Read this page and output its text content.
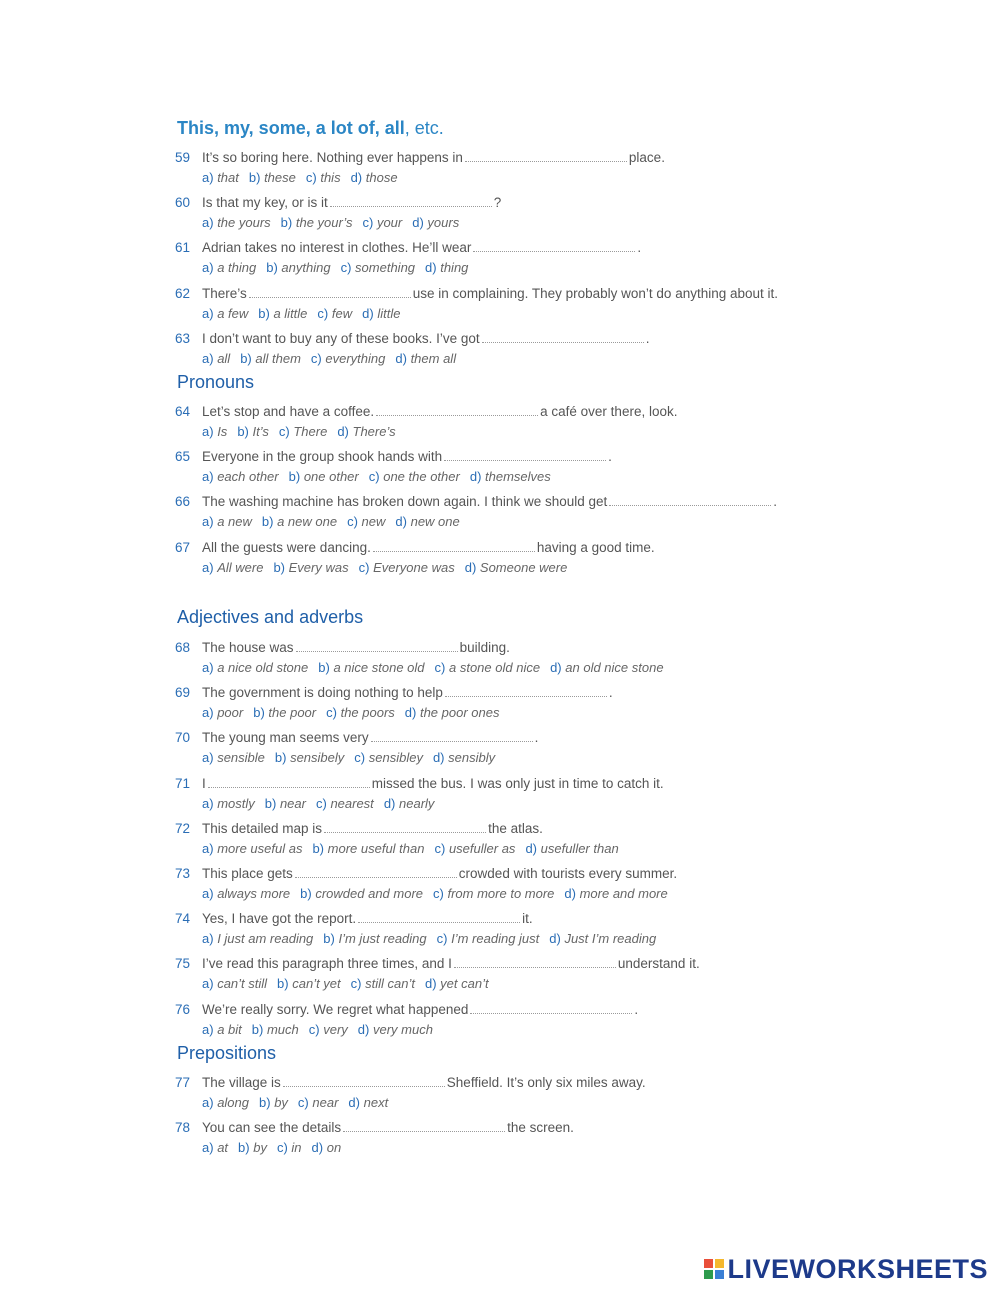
This, my, some, a lot of, all, etc.
59 It’s so boring here. Nothing ever happens in	place.
a) that b) these c) this d) those
60 Is that my key, or is it	?
a) the yours b) the your’s c) your d) yours
61 Adrian takes no interest in clothes. He’ll wear	.
a) a thing b) anything c) something d) thing
62 There’s	use in complaining. They probably won’t do anything about it.
a) a few b) a little c) few d) little
63 I don’t want to buy any of these books. I’ve got	.
a) all b) all them c) everything d) them all
Pronouns
64 Let’s stop and have a coffee.	a café over there, look.
a) Is b) It’s c) There d) There’s
65 Everyone in the group shook hands with	.
a) each other b) one other c) one the other d) themselves
66 The washing machine has broken down again. I think we should get	.
a) a new b) a new one c) new d) new one
67 All the guests were dancing.	having a good time.
a) All were b) Every was c) Everyone was d) Someone were
Adjectives and adverbs
68 The house was	building.
a) a nice old stone b) a nice stone old c) a stone old nice d) an old nice stone
69 The government is doing nothing to help	.
a) poor b) the poor c) the poors d) the poor ones
70 The young man seems very	.
a) sensible b) sensibely c) sensibley d) sensibly
71 I	missed the bus. I was only just in time to catch it.
a) mostly b) near c) nearest d) nearly
72 This detailed map is	the atlas.
a) more useful as b) more useful than c) usefuller as d) usefuller than
73 This place gets	crowded with tourists every summer.
a) always more b) crowded and more c) from more to more d) more and more
74 Yes, I have got the report.	it.
a) I just am reading b) I’m just reading c) I’m reading just d) Just I’m reading
75 I’ve read this paragraph three times, and I	understand it.
a) can’t still b) can’t yet c) still can’t d) yet can’t
76 We’re really sorry. We regret what happened	.
a) a bit b) much c) very d) very much
Prepositions
77 The village is	Sheffield. It’s only six miles away.
a) along b) by c) near d) next
78 You can see the details	the screen.
a) at b) by c) in d) on
LIVEWORKSHEETS
